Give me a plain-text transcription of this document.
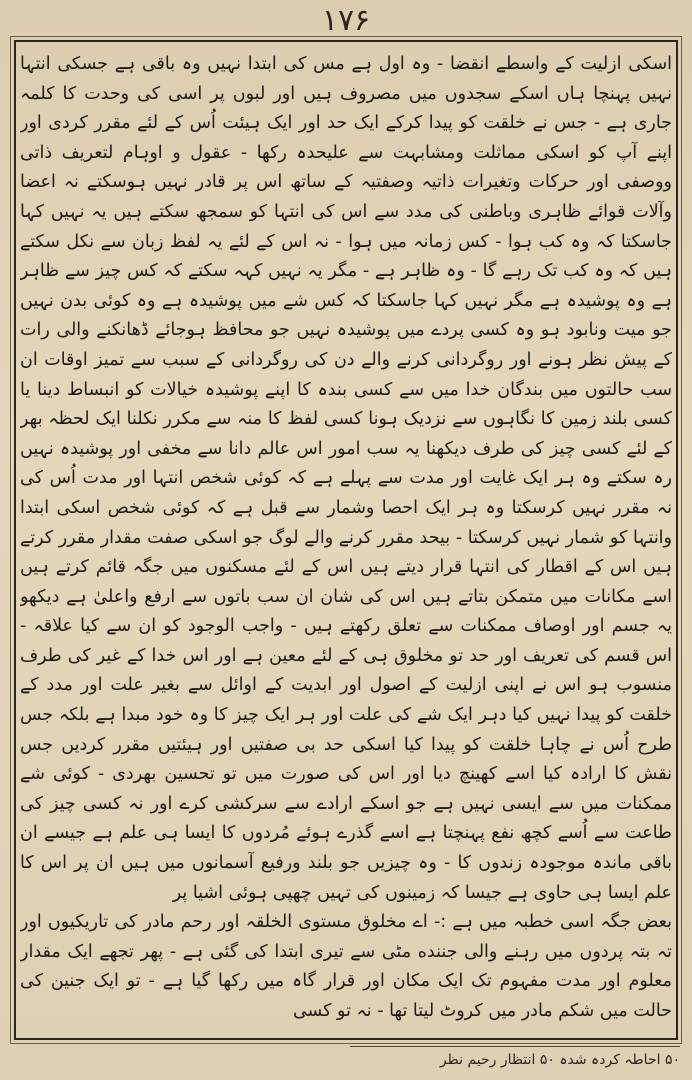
۱۷۶

اسکی ازلیت کے واسطے انقضا - وہ اول ہے مس کی ابتدا نہیں وہ باقی ہے جسکی انتہا نہیں پہنچا ہاں اسکے سجدوں میں مصروف ہیں اور لبوں پر اسی کی وحدت کا کلمہ جاری ہے - جس نے خلقت کو پیدا کرکے ایک حد اور ایک ہیئت اُس کے لئے مقرر کردی اور اپنے آپ کو اسکی مماثلت ومشابہت سے علیحدہ رکھا - عقول و اوہام لتعریف ذاتی ووصفی اور حرکات وتغیرات ذاتیہ وصفتیہ کے ساتھ اس پر قادر نہیں ہوسکتے نہ اعضا وآلات قوائے ظاہری وباطنی کی مدد سے اس کی انتہا کو سمجھ سکتے ہیں یہ نہیں کہا جاسکتا کہ وہ کب ہوا - کس زمانہ میں ہوا - نہ اس کے لئے یہ لفظ زبان سے نکل سکتے ہیں کہ وہ کب تک رہے گا - وہ ظاہر ہے - مگر یہ نہیں کہہ سکتے کہ کس چیز سے ظاہر ہے وہ پوشیدہ ہے مگر نہیں کہا جاسکتا کہ کس شے میں پوشیدہ ہے وہ کوئی بدن نہیں جو میت ونابود ہو وہ کسی پردے میں پوشیدہ نہیں جو محافظ ہوجائے ڈھانکنے والی رات کے پیش نظر ہونے اور روگردانی کرنے والے دن کی روگردانی کے سبب سے تمیز اوقات ان سب حالتوں میں بندگان خدا میں سے کسی بندہ کا اپنے پوشیدہ خیالات کو انبساط دینا یا کسی بلند زمین کا نگاہوں سے نزدیک ہونا کسی لفظ کا منہ سے مکرر نکلنا ایک لحظہ بھر کے لئے کسی چیز کی طرف دیکھنا یہ سب امور اس عالم دانا سے مخفی اور پوشیدہ نہیں رہ سکتے وہ ہر ایک غایت اور مدت سے پہلے ہے کہ کوئی شخص انتہا اور مدت اُس کی نہ مقرر نہیں کرسکتا وہ ہر ایک احصا وشمار سے قبل ہے کہ کوئی شخص اسکی ابتدا وانتہا کو شمار نہیں کرسکتا - بیحد مقرر کرنے والے لوگ جو اسکی صفت مقدار مقرر کرتے ہیں اس کے اقطار کی انتہا قرار دیتے ہیں اس کے لئے مسکنوں میں جگہ قائم کرتے ہیں اسے مکانات میں متمکن بتاتے ہیں اس کی شان ان سب باتوں سے ارفع واعلیٰ ہے دیکھو یہ جسم اور اوصاف ممکنات سے تعلق رکھتے ہیں - واجب الوجود کو ان سے کیا علاقہ - اس قسم کی تعریف اور حد تو مخلوق ہی کے لئے معین ہے اور اس خدا کے غیر کی طرف منسوب ہو اس نے اپنی ازلیت کے اصول اور ابدیت کے اوائل سے بغیر علت اور مدد کے خلقت کو پیدا نہیں کیا دہر ایک شے کی علت اور ہر ایک چیز کا وہ خود مبدا ہے بلکہ جس طرح اُس نے چاہا خلقت کو پیدا کیا اسکی حد بی صفتیں اور ہیئتیں مقرر کردیں جس نقش کا ارادہ کیا اسے کھینچ دیا اور اس کی صورت میں تو تحسین بھردی - کوئی شے ممکنات میں سے ایسی نہیں ہے جو اسکے ارادے سے سرکشی کرے اور نہ کسی چیز کی طاعت سے اُسے کچھ نفع پہنچتا ہے اسے گذرے ہوئے مُردوں کا ایسا ہی علم ہے جیسے ان باقی ماندہ موجودہ زندوں کا - وہ چیزیں جو بلند ورفیع آسمانوں میں ہیں ان پر اس کا علم ایسا ہی حاوی ہے جیسا کہ زمینوں کی تہیں چھپی ہوئی اشیا پر

بعض جگہ اسی خطبہ میں ہے :- اے مخلوق مستوی الخلقہ اور رحم مادر کی تاریکیوں اور تہ بتہ پردوں میں رہنے والی جننده مٹی سے تیری ابتدا کی گئی ہے - پھر تجھے ایک مقدار معلوم اور مدت مفہوم تک ایک مکان اور قرار گاہ میں رکھا گیا ہے - تو ایک جنین کی حالت میں شکم مادر میں کروٹ لیتا تھا - نہ تو کسی

۵۰ احاطہ کردہ شدہ ۵۰ انتظار رحیم نظر
